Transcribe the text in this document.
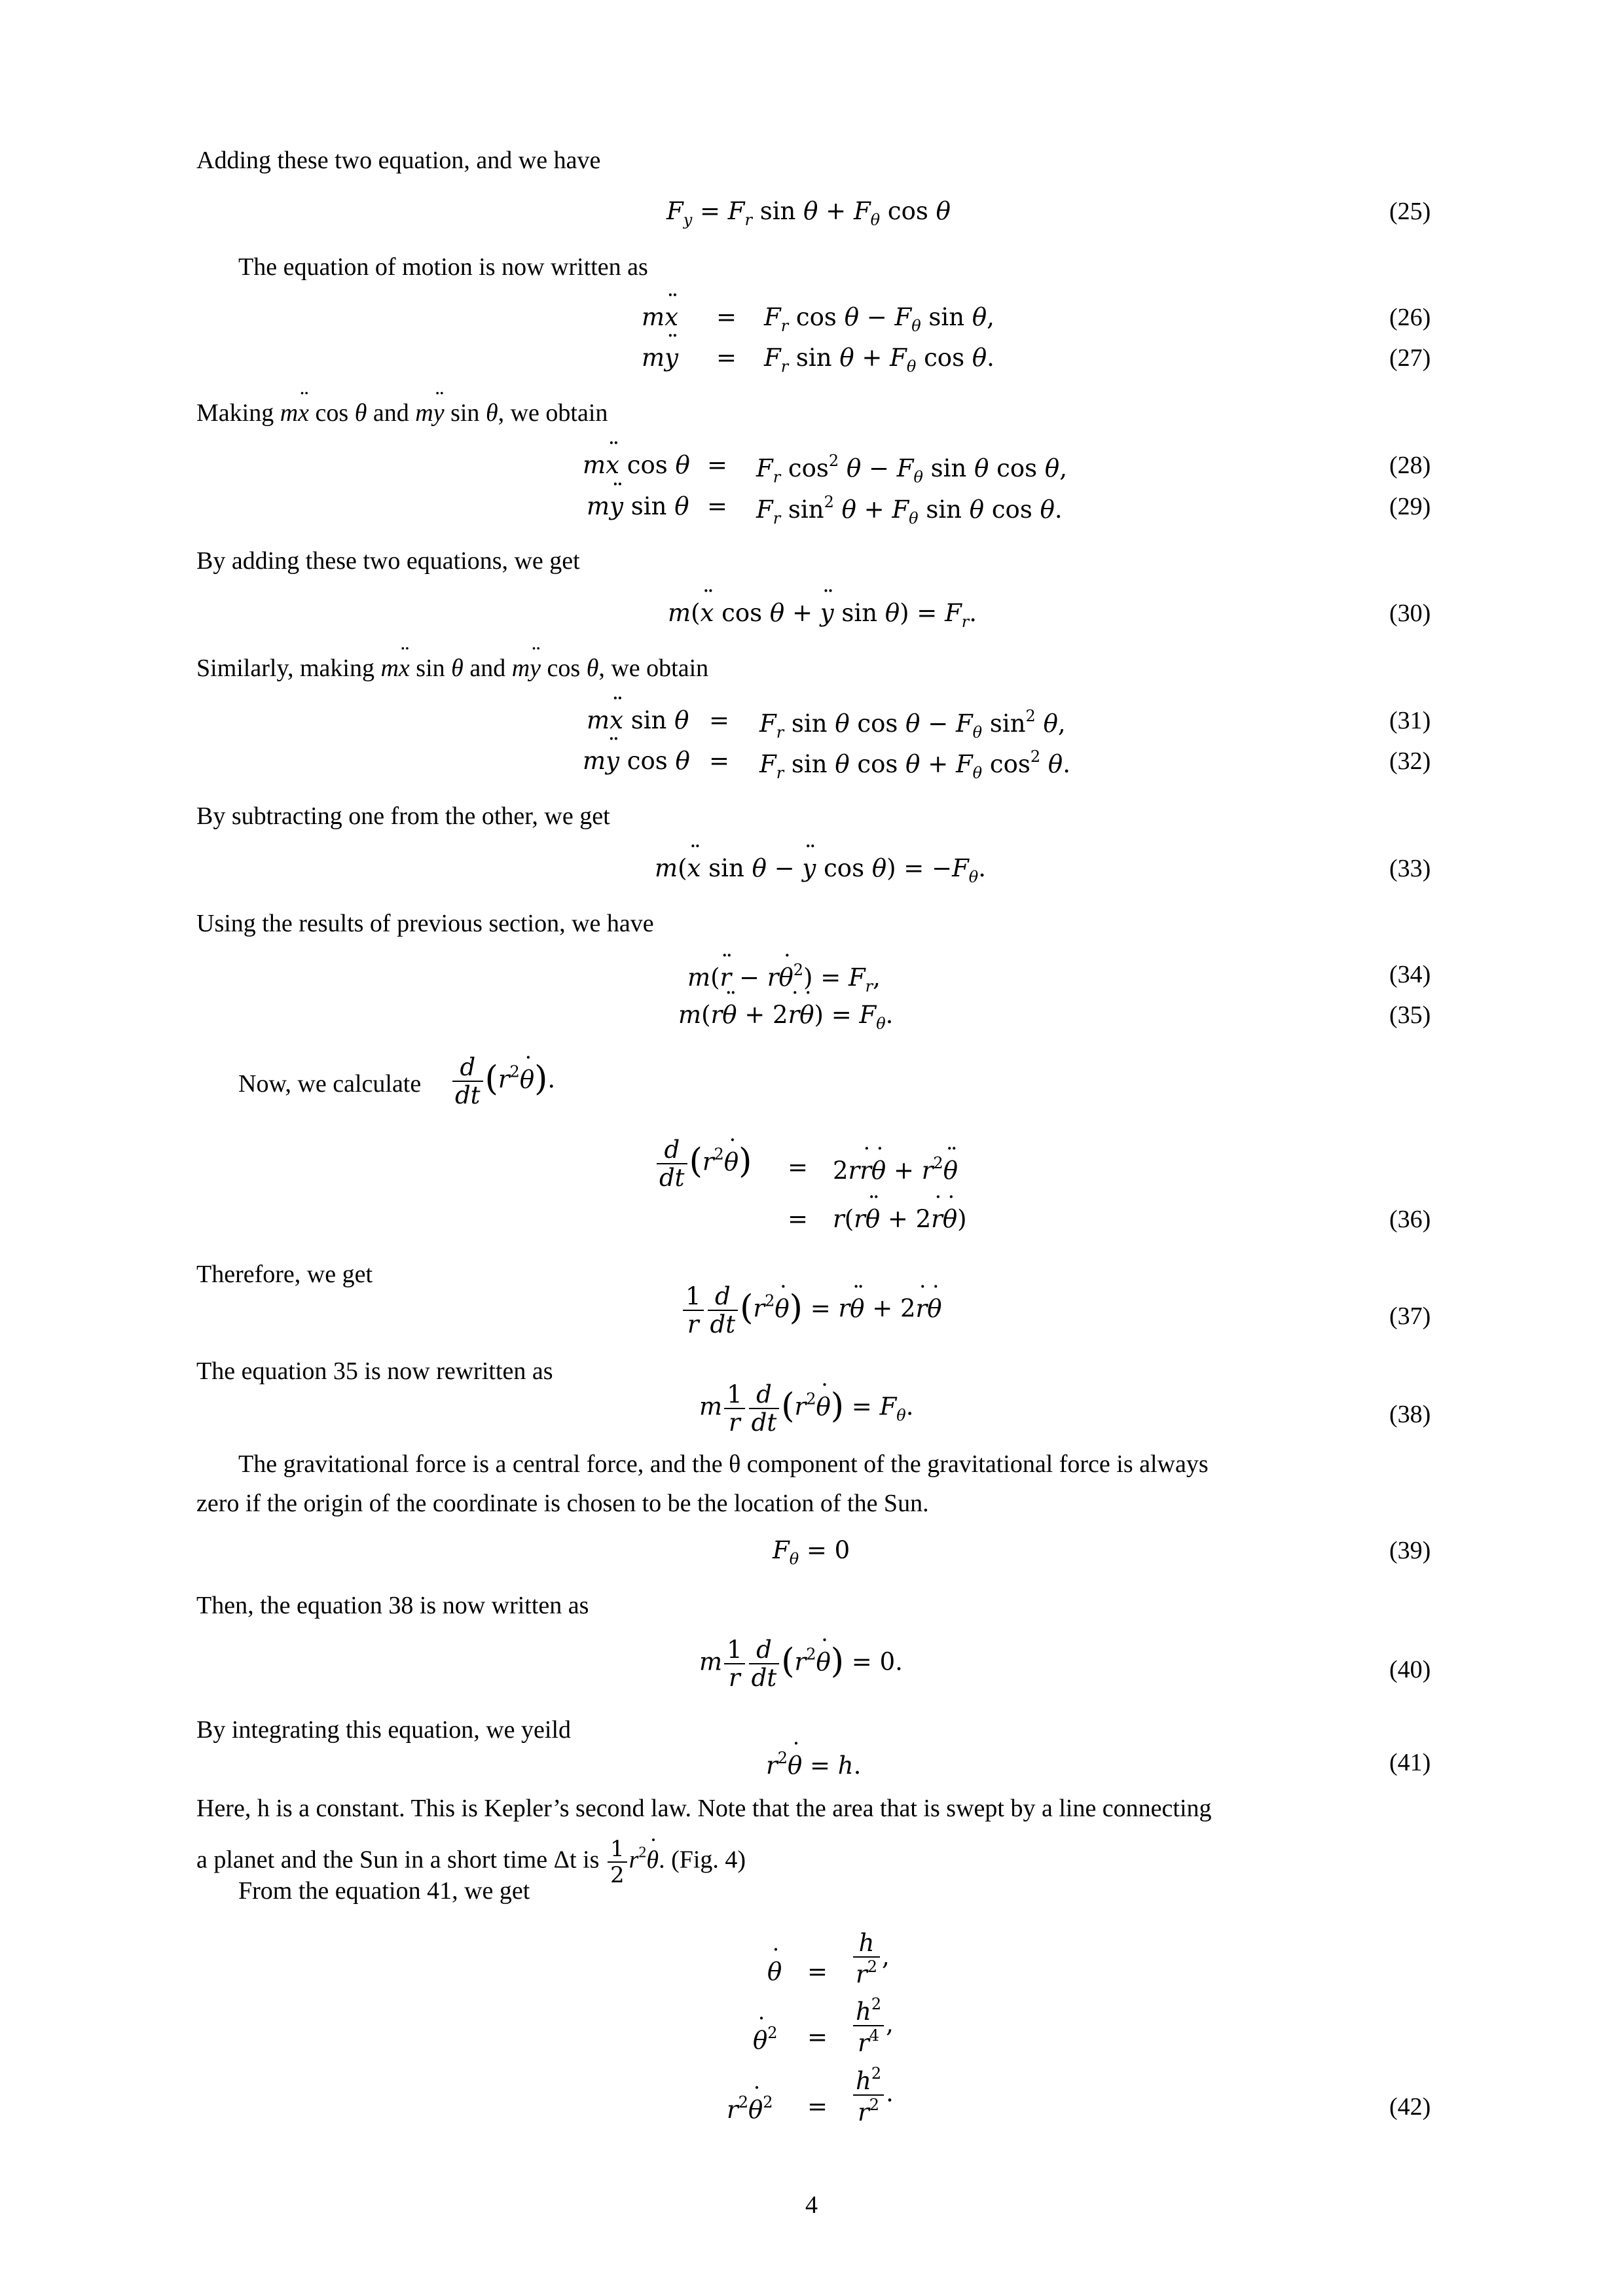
Adding these two equation, and we have
$F_y = F_r$ $\sin \theta + F_\theta$ cos θ	(25)
The equation of motion is now written as
mx ¨ = $F_r$ $\cos \theta - F_\theta$ sin θ,	(26)
my ¨ = $F_r$ $\sin \theta + F_\theta$ cos θ.	(27)
Making mx ¨ cos θ and my ¨ sin θ, we obtain
mx ¨ $\cos \theta = F_r$ $\cos^2 \theta - F_\theta$ sin θ cos θ,	(28)
my ¨ $\sin \theta = F_r$ $\sin^2 \theta + F_\theta$ sin θ cos θ.	(29)
By adding these two equations, we get
m(x ¨ cos θ + y ¨ $\sin \theta) = F_r$.	(30)
Similarly, making mx ¨ sin θ and my ¨ cos θ, we obtain
mx ¨ $\sin \theta = F_r$ sin θ $\cos \theta - F_\theta$ $\sin^2 \theta$,	(31)
my ¨ $\cos \theta = F_r$ sin θ $\cos \theta + F_\theta$ $\cos^2 \theta$.	(32)
By subtracting one from the other, we get
m(x ¨ sin θ − y ¨ $\cos \theta) = -F_\theta$.	(33)
Using the results of previous section, we have
m(r ¨ − rθ ˙$^2$) = $F_r$,	(34)
m(rθ ¨ + 2r ˙θ ˙) = $F_\theta$.	(35)
Now, we calculate $\frac{d}{dt} (r^2\theta$ ˙).
$\frac{d}{dt} (r^2\theta$ ˙) = 2rr ˙θ ˙ + $r^2\theta$ ¨
= r(rθ ¨ + 2r ˙θ ˙)	(36)
Therefore, we get
$\frac{1}{r} \frac{d}{dt} (r^2\theta$ ˙) = rθ ¨ + 2r ˙θ ˙	(37)
The equation 35 is now rewritten as
m $\frac{1}{r} \frac{d}{dt} (r^2\theta$ ˙) = $F_\theta$.	(38)
The gravitational force is a central force, and the θ component of the gravitational force is always
zero if the origin of the coordinate is chosen to be the location of the Sun.
$F_\theta = 0$	(39)
Then, the equation 38 is now written as
m $\frac{1}{r} \frac{d}{dt} (r^2\theta$ ˙) = 0.	(40)
By integrating this equation, we yeild
$r^2\theta$ ˙ = h.	(41)
Here, h is a constant. This is Kepler’s second law. Note that the area that is swept by a line connecting
a planet and the Sun in a short time Δt is $\frac{1}{2} r^2\theta$ ˙. (Fig. 4)
From the equation 41, we get
θ ˙ = $\frac{h}{r^2}$ ,
θ ˙$^2$ = $\frac{h^2}{r^4}$ ,
$r^2\theta$ ˙$^2$ = $\frac{h^2}{r^2}$ .	(42)
4
